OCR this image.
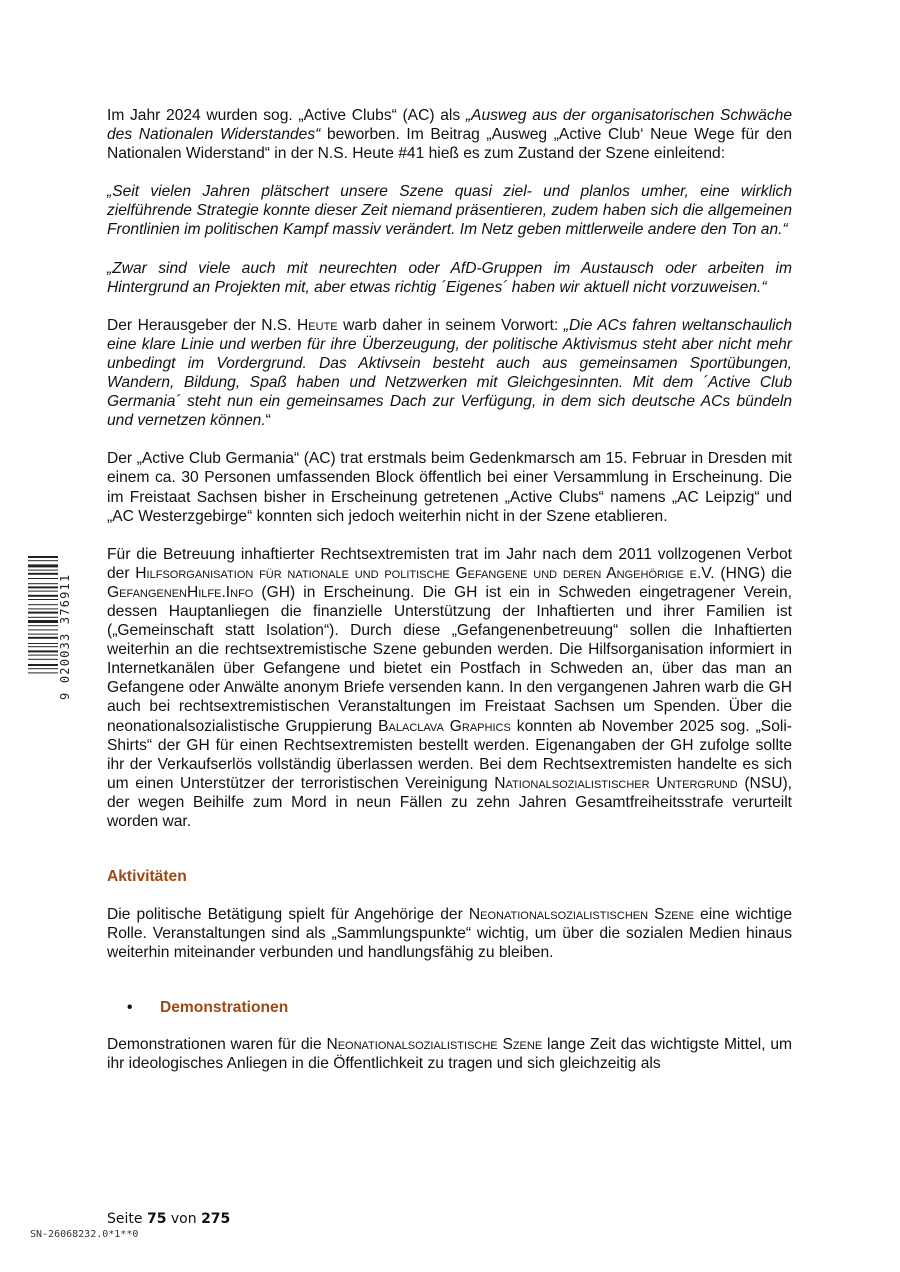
9 020033 376911

Im Jahr 2024 wurden sog. „Active Clubs“ (AC) als „Ausweg aus der organisatorischen Schwäche des Nationalen Widerstandes“ beworben. Im Beitrag „Ausweg „Active Club‘ Neue Wege für den Nationalen Widerstand“ in der N.S. Heute #41 hieß es zum Zustand der Szene einleitend:

„Seit vielen Jahren plätschert unsere Szene quasi ziel- und planlos umher, eine wirklich zielführende Strategie konnte dieser Zeit niemand präsentieren, zudem haben sich die allgemeinen Frontlinien im politischen Kampf massiv verändert. Im Netz geben mittlerweile andere den Ton an.“

„Zwar sind viele auch mit neurechten oder AfD-Gruppen im Austausch oder arbeiten im Hintergrund an Projekten mit, aber etwas richtig ´Eigenes´ haben wir aktuell nicht vorzuweisen.“

Der Herausgeber der N.S. Heute warb daher in seinem Vorwort: „Die ACs fahren weltanschaulich eine klare Linie und werben für ihre Überzeugung, der politische Aktivismus steht aber nicht mehr unbedingt im Vordergrund. Das Aktivsein besteht auch aus gemeinsamen Sportübungen, Wandern, Bildung, Spaß haben und Netzwerken mit Gleichgesinnten. Mit dem ´Active Club Germania´ steht nun ein gemeinsames Dach zur Verfügung, in dem sich deutsche ACs bündeln und vernetzen können.“

Der „Active Club Germania“ (AC) trat erstmals beim Gedenkmarsch am 15. Februar in Dresden mit einem ca. 30 Personen umfassenden Block öffentlich bei einer Versammlung in Erscheinung. Die im Freistaat Sachsen bisher in Erscheinung getretenen „Active Clubs“ namens „AC Leipzig“ und „AC Westerzgebirge“ konnten sich jedoch weiterhin nicht in der Szene etablieren.

Für die Betreuung inhaftierter Rechtsextremisten trat im Jahr nach dem 2011 vollzogenen Verbot der Hilfsorganisation für nationale und politische Gefangene und deren Angehörige e.V. (HNG) die GefangenenHilfe.Info (GH) in Erscheinung. Die GH ist ein in Schweden eingetragener Verein, dessen Hauptanliegen die finanzielle Unterstützung der Inhaftierten und ihrer Familien ist („Gemeinschaft statt Isolation“). Durch diese „Gefangenenbetreuung“ sollen die Inhaftierten weiterhin an die rechtsextremistische Szene gebunden werden. Die Hilfsorganisation informiert in Internetkanälen über Gefangene und bietet ein Postfach in Schweden an, über das man an Gefangene oder Anwälte anonym Briefe versenden kann. In den vergangenen Jahren warb die GH auch bei rechtsextremistischen Veranstaltungen im Freistaat Sachsen um Spenden. Über die neonationalsozialistische Gruppierung Balaclava Graphics konnten ab November 2025 sog. „Soli-Shirts“ der GH für einen Rechtsextremisten bestellt werden. Eigenangaben der GH zufolge sollte ihr der Verkaufserlös vollständig überlassen werden. Bei dem Rechtsextremisten handelte es sich um einen Unterstützer der terroristischen Vereinigung Nationalsozialistischer Untergrund (NSU), der wegen Beihilfe zum Mord in neun Fällen zu zehn Jahren Gesamtfreiheitsstrafe verurteilt worden war.

Aktivitäten

Die politische Betätigung spielt für Angehörige der Neonationalsozialistischen Szene eine wichtige Rolle. Veranstaltungen sind als „Sammlungspunkte“ wichtig, um über die sozialen Medien hinaus weiterhin miteinander verbunden und handlungsfähig zu bleiben.

•	Demonstrationen

Demonstrationen waren für die Neonationalsozialistische Szene lange Zeit das wichtigste Mittel, um ihr ideologisches Anliegen in die Öffentlichkeit zu tragen und sich gleichzeitig als

Seite 75 von 275
SN-26068232.0*1**0
